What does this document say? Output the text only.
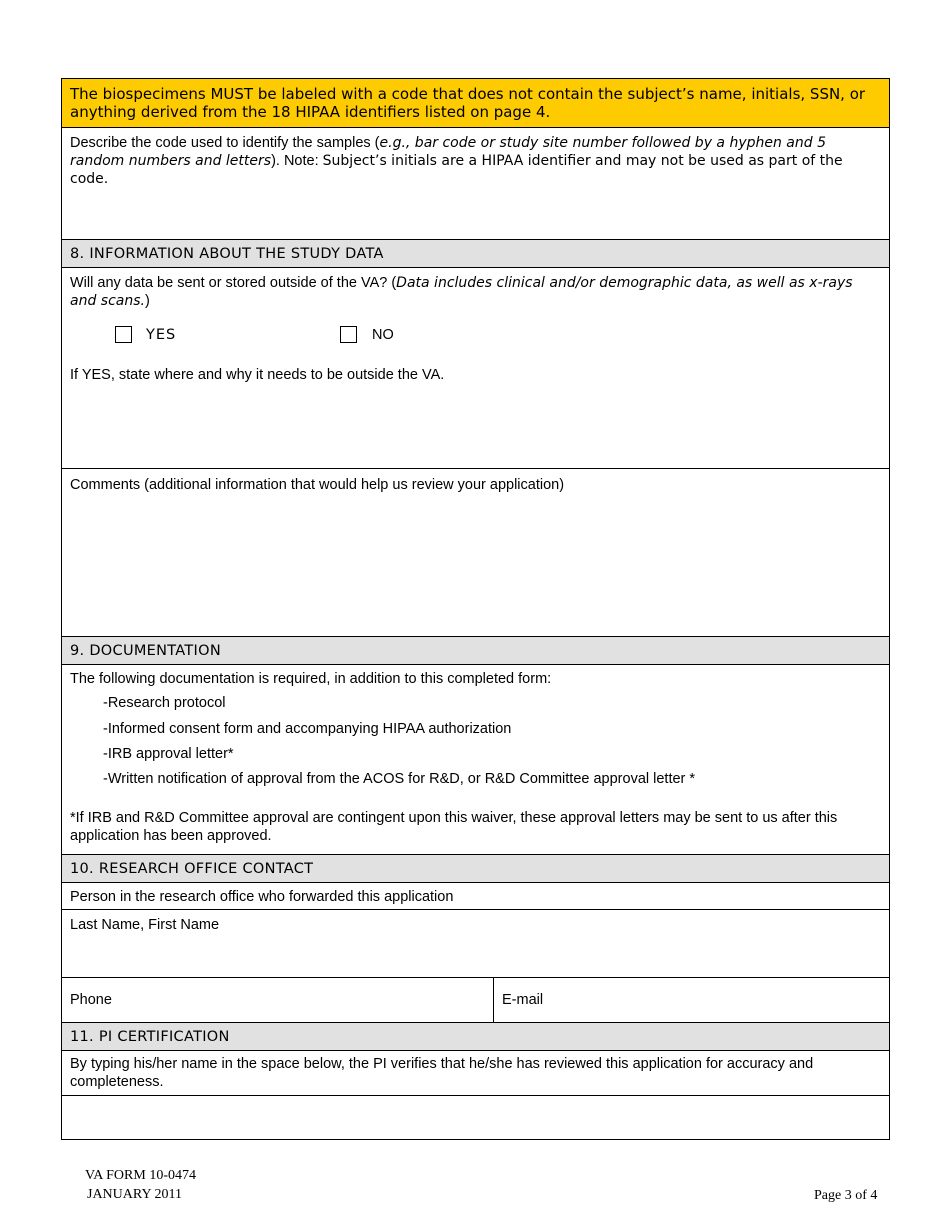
The biospecimens MUST be labeled with a code that does not contain the subject’s name, initials, SSN, or anything derived from the 18 HIPAA identifiers listed on page 4.
Describe the code used to identify the samples (e.g., bar code or study site number followed by a hyphen and 5 random numbers and letters). Note: Subject’s initials are a HIPAA identifier and may not be used as part of the code.
8. INFORMATION ABOUT THE STUDY DATA
Will any data be sent or stored outside of the VA? (Data includes clinical and/or demographic data, as well as x-rays and scans.)
YES	NO
If YES, state where and why it needs to be outside the VA.
Comments (additional information that would help us review your application)
9. DOCUMENTATION
The following documentation is required, in addition to this completed form:
-Research protocol
-Informed consent form and accompanying HIPAA authorization
-IRB approval letter*
-Written notification of approval from the ACOS for R&D, or R&D Committee approval letter *
*If IRB and R&D Committee approval are contingent upon this waiver, these approval letters may be sent to us after this application has been approved.
10. RESEARCH OFFICE CONTACT
Person in the research office who forwarded this application
Last Name, First Name
Phone	E-mail
11. PI CERTIFICATION
By typing his/her name in the space below, the PI verifies that he/she has reviewed this application for accuracy and completeness.
VA FORM 10-0474
JANUARY 2011	Page 3 of 4
